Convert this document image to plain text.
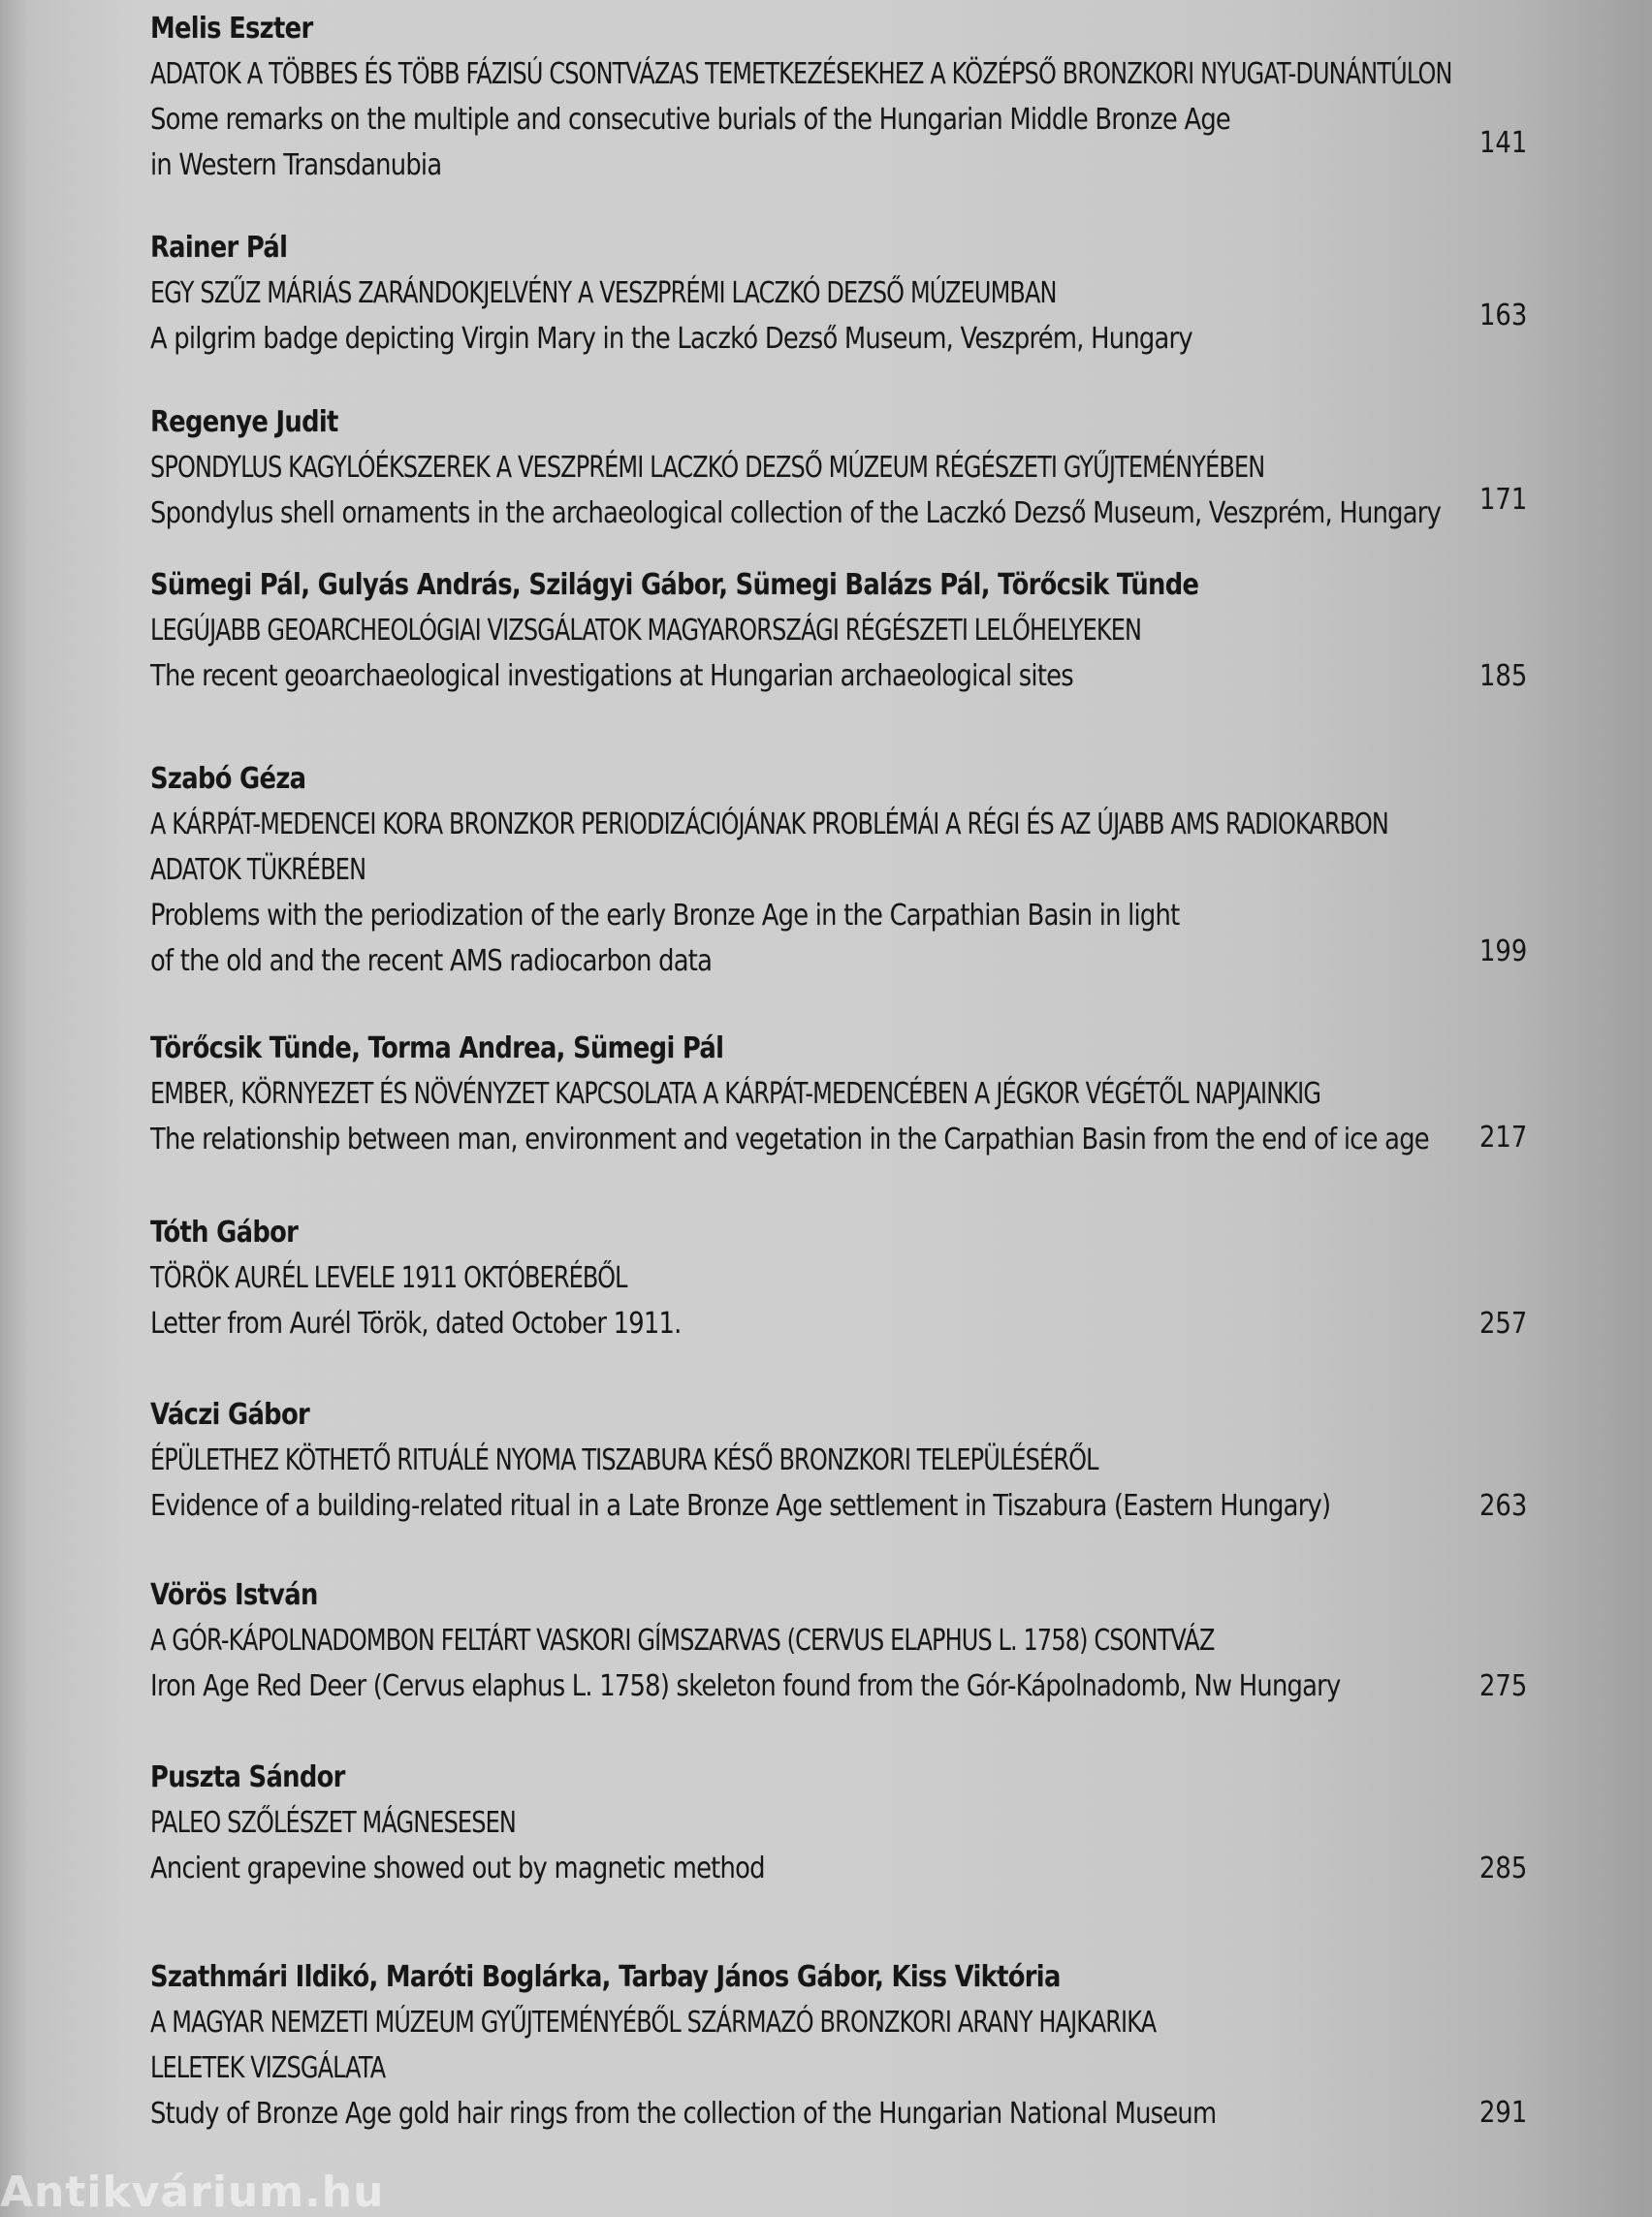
Melis Eszter
ADATOK A TÖBBES ÉS TÖBB FÁZISÚ CSONTVÁZAS TEMETKEZÉSEKHEZ A KÖZÉPSŐ BRONZKORI NYUGAT-DUNÁNTÚLON
Some remarks on the multiple and consecutive burials of the Hungarian Middle Bronze Age
in Western Transdanubia
141
Rainer Pál
EGY SZŰZ MÁRIÁS ZARÁNDOKJELVÉNY A VESZPRÉMI LACZKÓ DEZSŐ MÚZEUMBAN
A pilgrim badge depicting Virgin Mary in the Laczkó Dezső Museum, Veszprém, Hungary
163
Regenye Judit
SPONDYLUS KAGYLÓÉKSZEREK A VESZPRÉMI LACZKÓ DEZSŐ MÚZEUM RÉGÉSZETI GYŰJTEMÉNYÉBEN
Spondylus shell ornaments in the archaeological collection of the Laczkó Dezső Museum, Veszprém, Hungary 171
Sümegi Pál, Gulyás András, Szilágyi Gábor, Sümegi Balázs Pál, Törőcsik Tünde
LEGÚJABB GEOARCHEOLÓGIAI VIZSGÁLATOK MAGYARORSZÁGI RÉGÉSZETI LELŐHELYEKEN
The recent geoarchaeological investigations at Hungarian archaeological sites	185
Szabó Géza
A KÁRPÁT-MEDENCEI KORA BRONZKOR PERIODIZÁCIÓJÁNAK PROBLÉMÁI A RÉGI ÉS AZ ÚJABB AMS RADIOKARBON
ADATOK TÜKRÉBEN
Problems with the periodization of the early Bronze Age in the Carpathian Basin in light
of the old and the recent AMS radiocarbon data	199
Törőcsik Tünde, Torma Andrea, Sümegi Pál
EMBER, KÖRNYEZET ÉS NÖVÉNYZET KAPCSOLATA A KÁRPÁT-MEDENCÉBEN A JÉGKOR VÉGÉTŐL NAPJAINKIG
The relationship between man, environment and vegetation in the Carpathian Basin from the end of ice age 217
Tóth Gábor
TÖRÖK AURÉL LEVELE 1911 OKTÓBERÉBŐL
Letter from Aurél Török, dated October 1911.	257
Váczi Gábor
ÉPÜLETHEZ KÖTHETŐ RITUÁLÉ NYOMA TISZABURA KÉSŐ BRONZKORI TELEPÜLÉSÉRŐL
Evidence of a building-related ritual in a Late Bronze Age settlement in Tiszabura (Eastern Hungary)	263
Vörös István
A GÓR-KÁPOLNADOMBON FELTÁRT VASKORI GÍMSZARVAS (CERVUS ELAPHUS L. 1758) CSONTVÁZ
Iron Age Red Deer (Cervus elaphus L. 1758) skeleton found from the Gór-Kápolnadomb, Nw Hungary	275
Puszta Sándor
PALEO SZŐLÉSZET MÁGNESESEN
Ancient grapevine showed out by magnetic method	285
Szathmári Ildikó, Maróti Boglárka, Tarbay János Gábor, Kiss Viktória
A MAGYAR NEMZETI MÚZEUM GYŰJTEMÉNYÉBŐL SZÁRMAZÓ BRONZKORI ARANY HAJKARIKA
LELETEK VIZSGÁLATA
Study of Bronze Age gold hair rings from the collection of the Hungarian National Museum	291
Antikvárium.hu
